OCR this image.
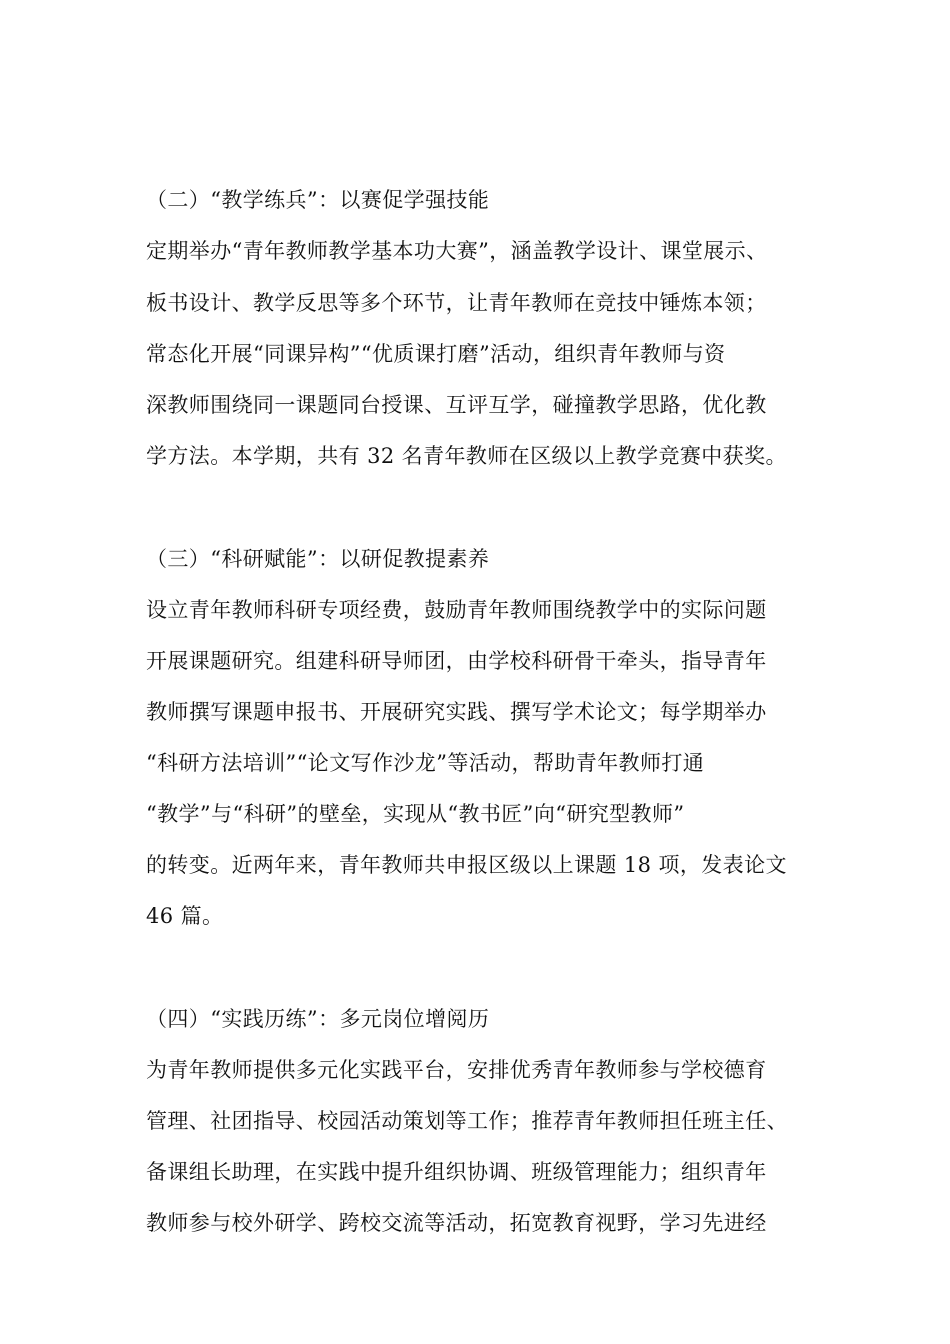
（二）“教学练兵”：以赛促学强技能
定期举办“青年教师教学基本功大赛”，涵盖教学设计、课堂展示、
板书设计、教学反思等多个环节，让青年教师在竞技中锤炼本领；
常态化开展“同课异构”“优质课打磨”活动，组织青年教师与资
深教师围绕同一课题同台授课、互评互学，碰撞教学思路，优化教
学方法。本学期，共有 32 名青年教师在区级以上教学竞赛中获奖。
（三）“科研赋能”：以研促教提素养
设立青年教师科研专项经费，鼓励青年教师围绕教学中的实际问题
开展课题研究。组建科研导师团，由学校科研骨干牵头，指导青年
教师撰写课题申报书、开展研究实践、撰写学术论文；每学期举办
“科研方法培训”“论文写作沙龙”等活动，帮助青年教师打通
“教学”与“科研”的壁垒，实现从“教书匠”向“研究型教师”
的转变。近两年来，青年教师共申报区级以上课题 18 项，发表论文
46 篇。
（四）“实践历练”：多元岗位增阅历
为青年教师提供多元化实践平台，安排优秀青年教师参与学校德育
管理、社团指导、校园活动策划等工作；推荐青年教师担任班主任、
备课组长助理，在实践中提升组织协调、班级管理能力；组织青年
教师参与校外研学、跨校交流等活动，拓宽教育视野，学习先进经
